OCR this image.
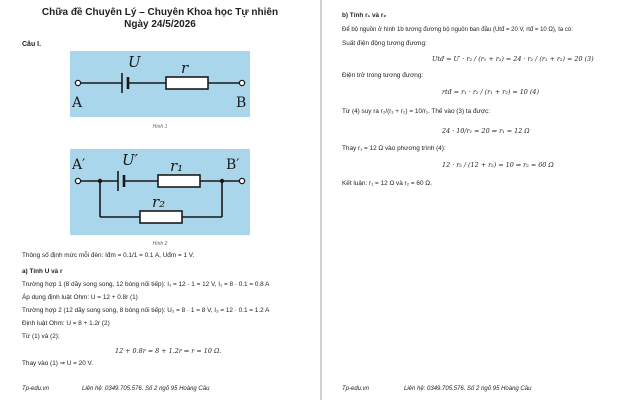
Chữa đề Chuyên Lý – Chuyên Khoa học Tự nhiên
Ngày 24/5/2026
Câu I.
U	r
A	B
Hình 1
U′ r₁
r₂
A′	B′
Hình 2
Thông số định mức mỗi đèn: Iđm = 0.1/1 = 0.1 A, Uđm = 1 V.
a) Tính U và r
Trường hợp 1 (8 dãy song song, 12 bóng nối tiếp): I₁ = 12 · 1 = 12 V, I₁ = 8 · 0.1 = 0.8 A
Áp dụng định luật Ohm: U = 12 + 0.8r (1)
Trường hợp 2 (12 dãy song song, 8 bóng nối tiếp): U₂ = 8 · 1 = 8 V, I₂ = 12 · 0.1 = 1.2 A
Định luật Ohm: U = 8 + 1.2r (2)
Từ (1) và (2):
12 + 0.8r = 8 + 1.2r ⇒ r = 10 Ω.
Thay vào (1) ⇒ U = 20 V.
Tp-edu.vn	Liên hệ: 0349.705.576. Số 2 ngõ 95 Hoàng Cầu
b) Tính r₁ và r₂
Để bộ nguồn ở hình 1b tương đương bộ nguồn ban đầu (Utđ = 20 V, rtđ = 10 Ω), ta có:
Suất điện động tương đương:
Utđ = U′ · r₂ / (r₁ + r₂) = 24 · r₂ / (r₁ + r₂) = 20 (3)
Điện trở trong tương đương:
rtđ = r₁ · r₂ / (r₁ + r₂) = 10 (4)
Từ (4) suy ra r₂/(r₁ + r₂) = 10/r₁. Thế vào (3) ta được:
24 · 10/r₁ = 20 ⇒ r₁ = 12 Ω
Thay r₁ = 12 Ω vào phương trình (4):
12 · r₂ / (12 + r₂) = 10 ⇒ r₂ = 60 Ω
Kết luận: r₁ = 12 Ω và r₂ = 60 Ω.
Tp-edu.vn	Liên hệ: 0349.705.576. Số 2 ngõ 95 Hoàng Cầu
